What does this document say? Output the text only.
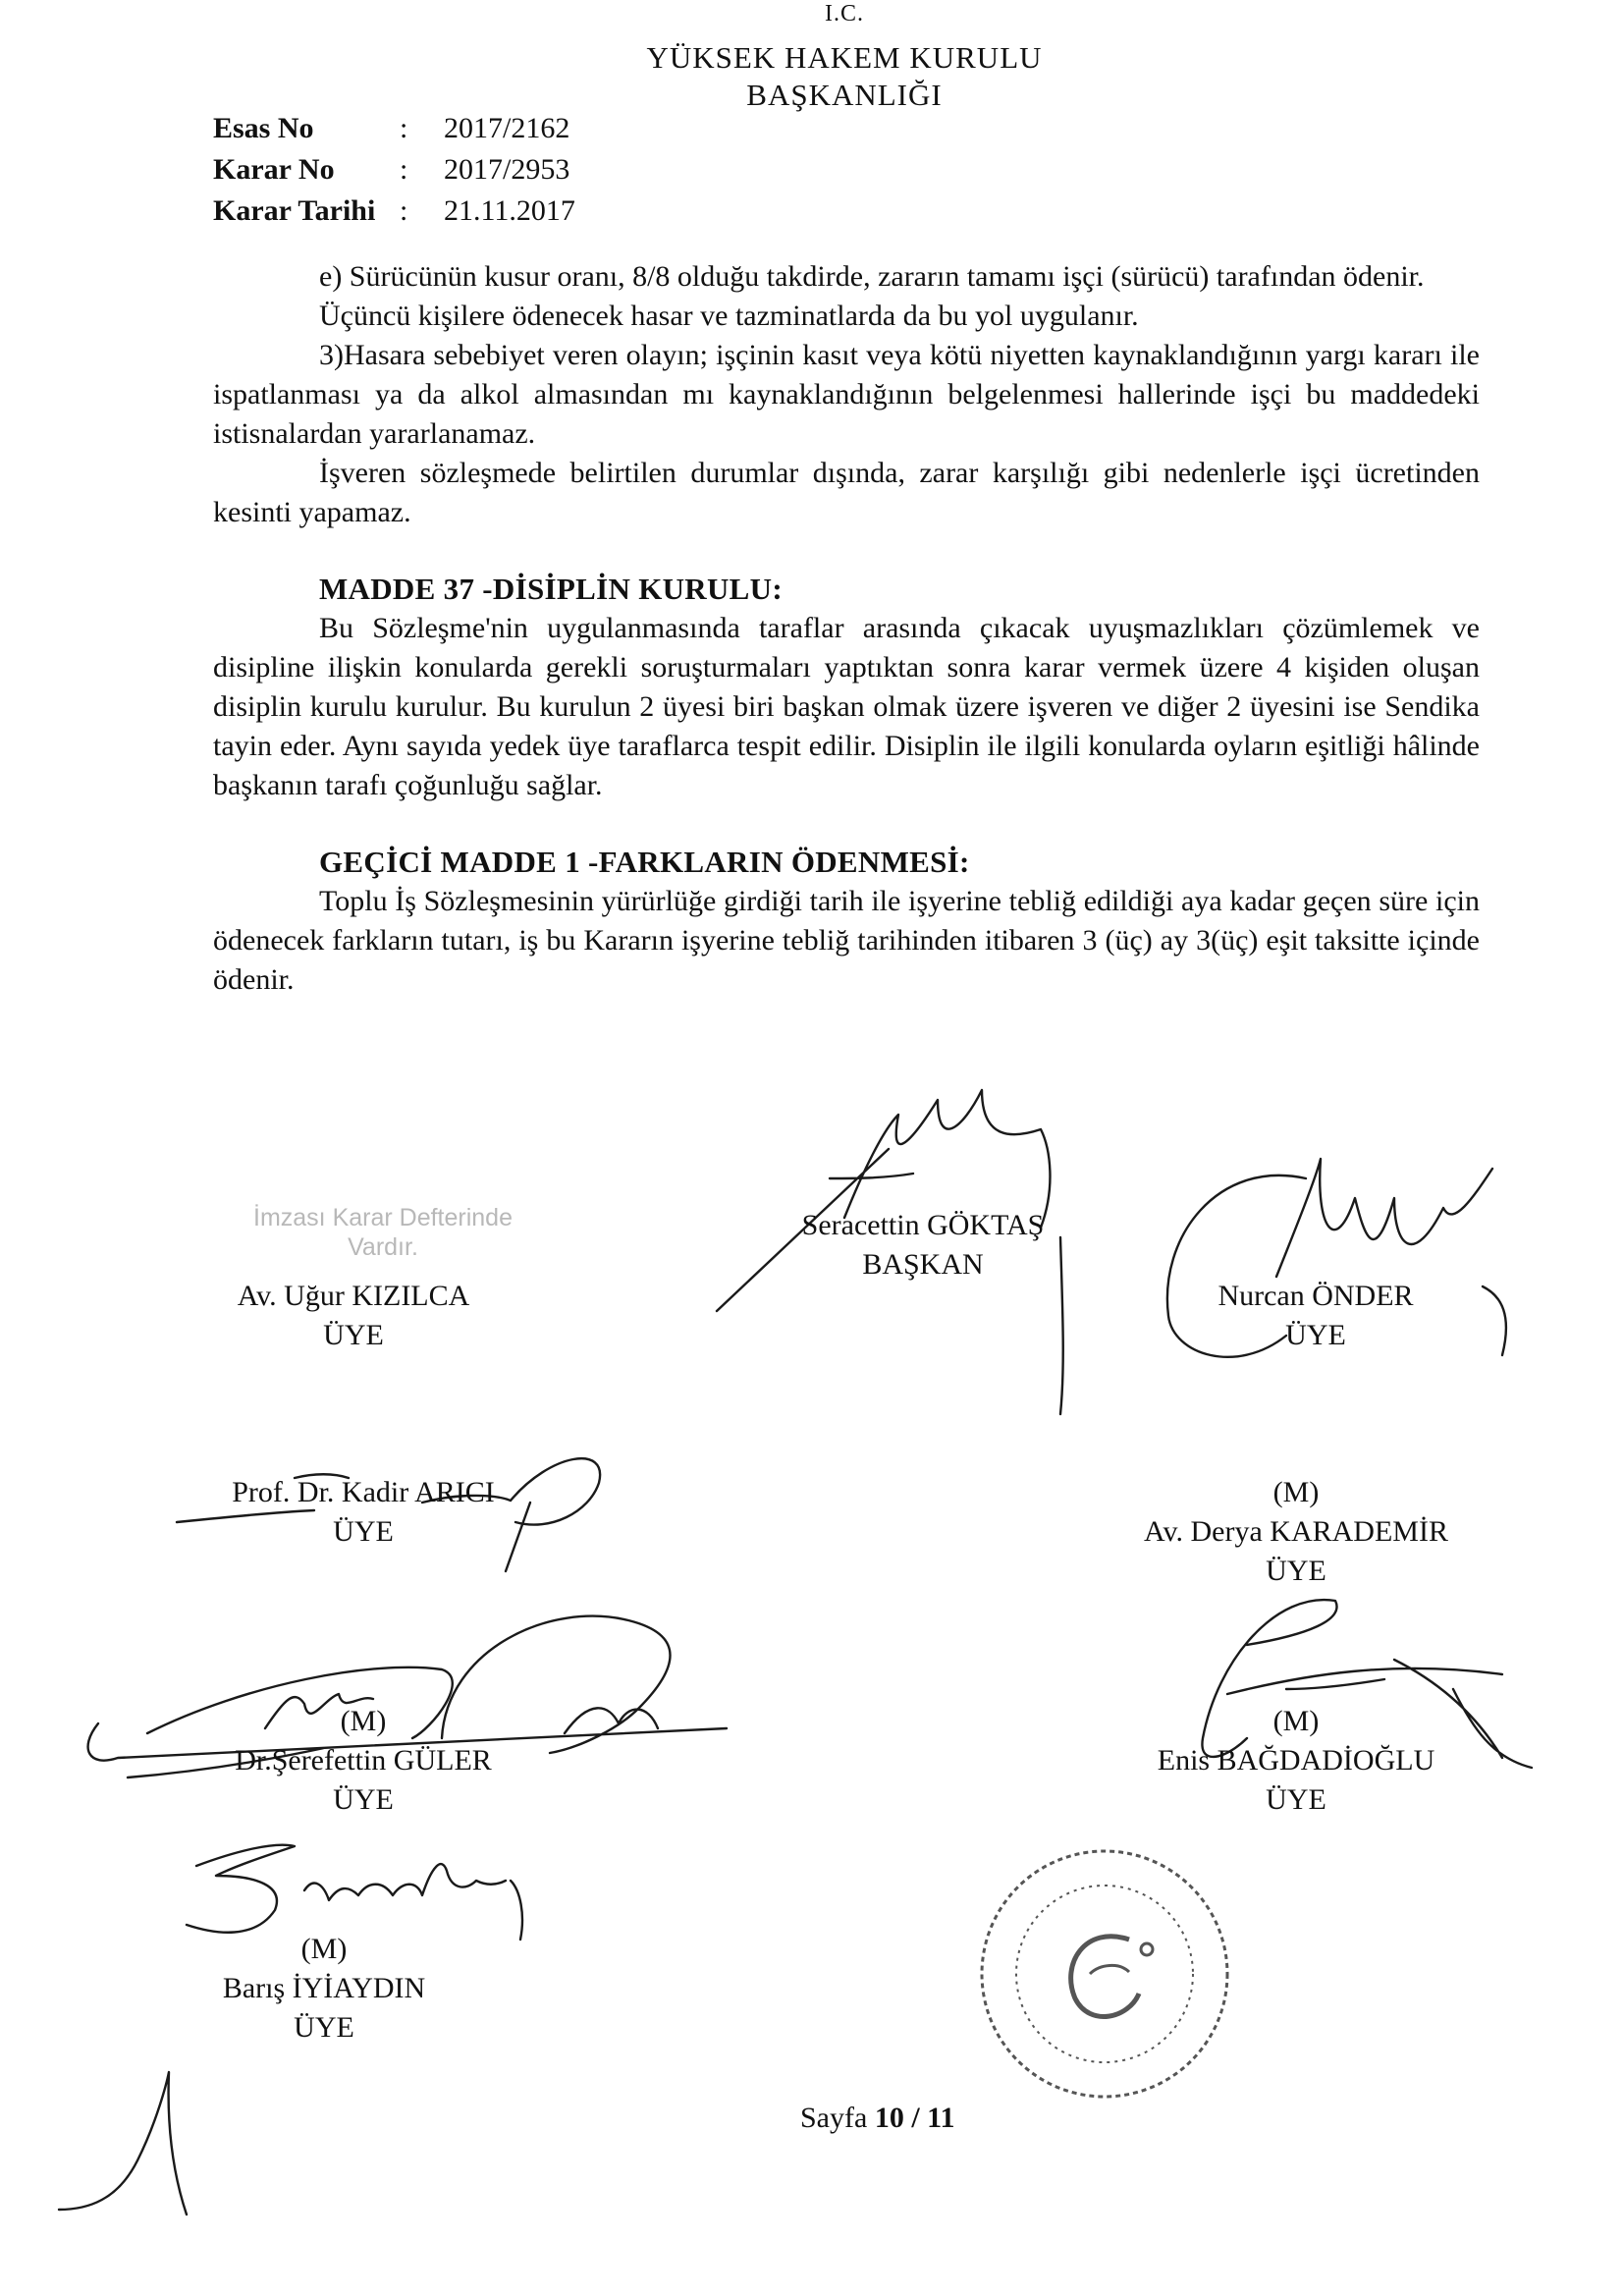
I.C.
YÜKSEK HAKEM KURULU
BAŞKANLIĞI
Esas No	: 2017/2162
Karar No : 2017/2953
Karar Tarihi : 21.11.2017

e) Sürücünün kusur oranı, 8/8 olduğu takdirde, zararın tamamı işçi (sürücü) tarafından ödenir.

Üçüncü kişilere ödenecek hasar ve tazminatlarda da bu yol uygulanır.

3)Hasara sebebiyet veren olayın; işçinin kasıt veya kötü niyetten kaynaklandığının yargı kararı ile ispatlanması ya da alkol almasından mı kaynaklandığının belgelenmesi hallerinde işçi bu maddedeki istisnalardan yararlanamaz.

İşveren sözleşmede belirtilen durumlar dışında, zarar karşılığı gibi nedenlerle işçi ücretinden kesinti yapamaz.

MADDE 37 -DİSİPLİN KURULU:

Bu Sözleşme'nin uygulanmasında taraflar arasında çıkacak uyuşmazlıkları çözümlemek ve disipline ilişkin konularda gerekli soruşturmaları yaptıktan sonra karar vermek üzere 4 kişiden oluşan disiplin kurulu kurulur. Bu kurulun 2 üyesi biri başkan olmak üzere işveren ve diğer 2 üyesini ise Sendika tayin eder. Aynı sayıda yedek üye taraflarca tespit edilir. Disiplin ile ilgili konularda oyların eşitliği hâlinde başkanın tarafı çoğunluğu sağlar.

GEÇİCİ MADDE 1 -FARKLARIN ÖDENMESİ:

Toplu İş Sözleşmesinin yürürlüğe girdiği tarih ile işyerine tebliğ edildiği aya kadar geçen süre için ödenecek farkların tutarı, iş bu Kararın işyerine tebliğ tarihinden itibaren 3 (üç) ay 3(üç) eşit taksitte içinde ödenir.

İmzası Karar Defterinde
Vardır.
Av. Uğur KIZILCA
ÜYE
Seracettin GÖKTAŞ
BAŞKAN
Nurcan ÖNDER
ÜYE
Prof. Dr. Kadir ARICI
ÜYE
(M)
Av. Derya KARADEMİR
ÜYE
(M)
Dr.Şerefettin GÜLER
ÜYE
(M)
Enis BAĞDADİOĞLU
ÜYE
(M)
Barış İYİAYDIN
ÜYE
Sayfa 10 / 11
